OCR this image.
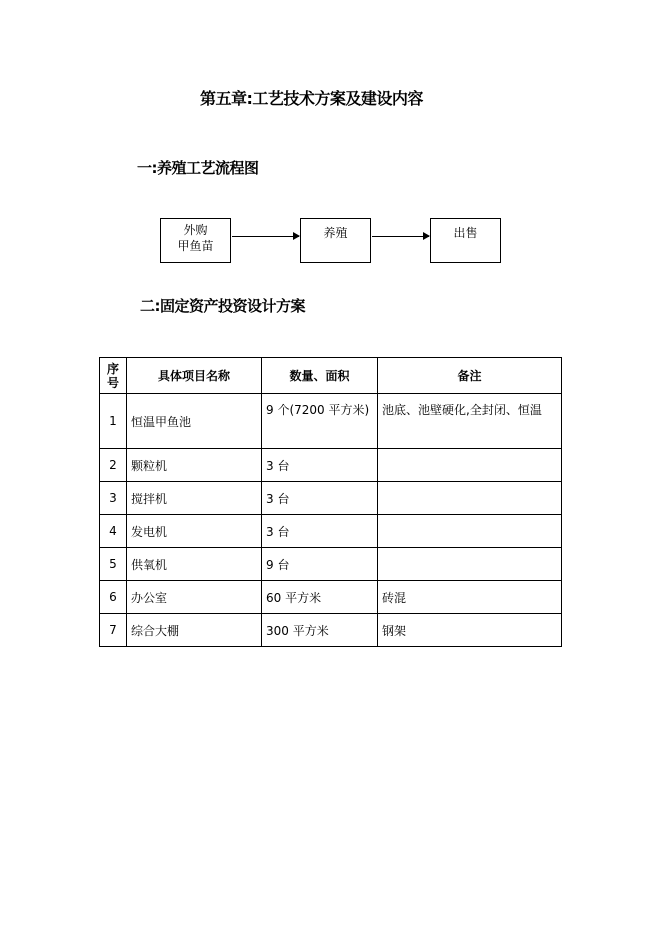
第五章:工艺技术方案及建设内容
一:养殖工艺流程图
外购
甲鱼苗
养殖	出售
二:固定资产投资设计方案
序
号	具体项目名称	数量、面积	备注
1	恒温甲鱼池	9 个(7200 平方米)	池底、池壁硬化,全封闭、恒温
2	颗粒机	3 台	
3	搅拌机	3 台	
4	发电机	3 台	
5	供氧机	9 台	
6	办公室	60 平方米	砖混
7	综合大棚	300 平方米	钢架
